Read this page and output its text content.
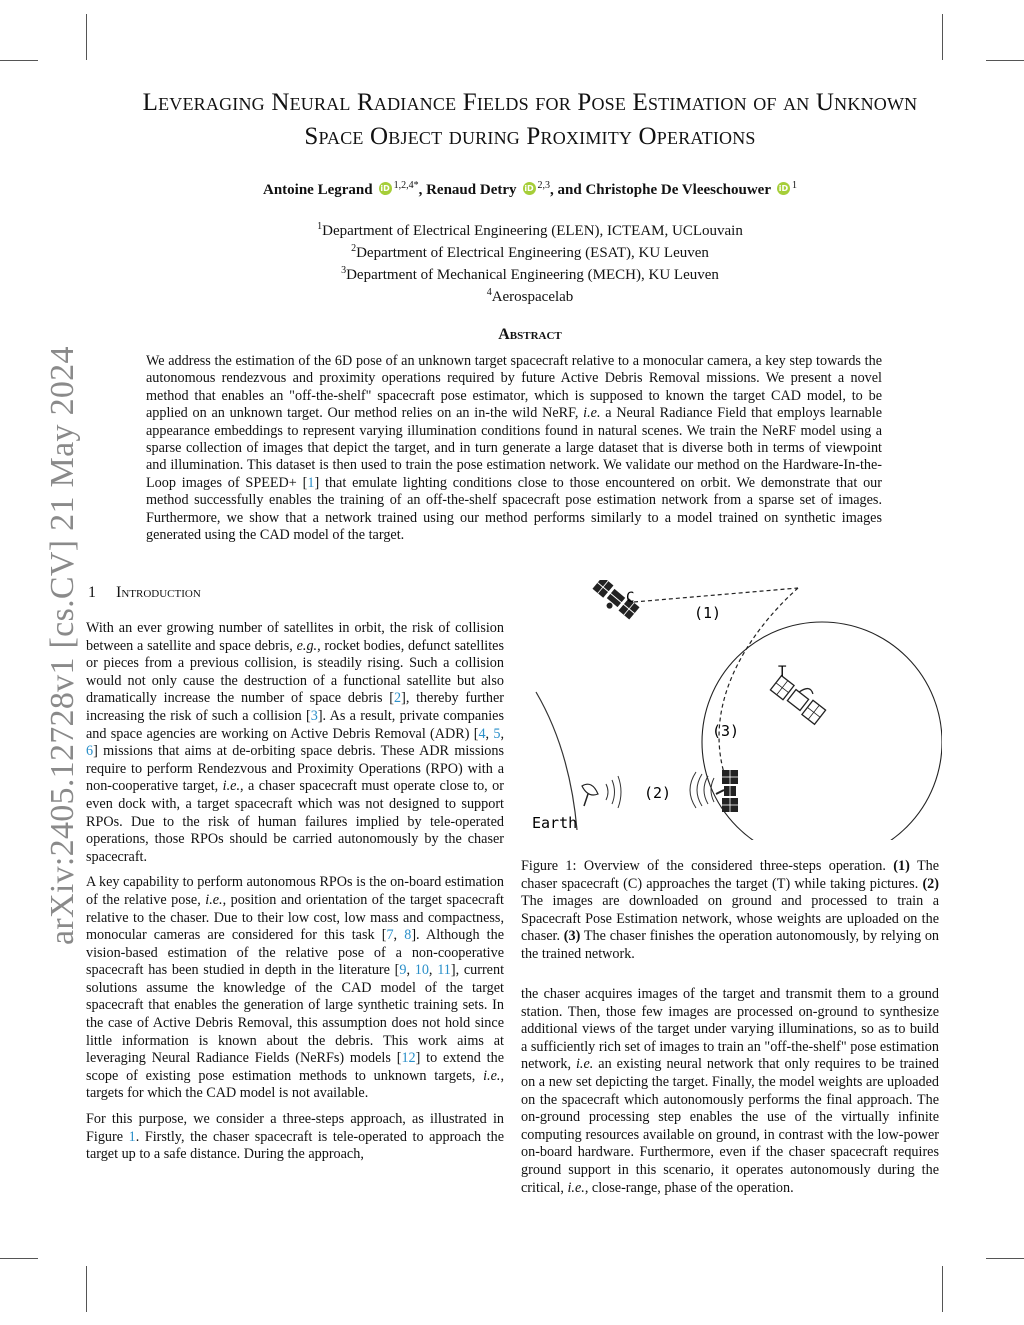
Leveraging Neural Radiance Fields for Pose Estimation of an Unknown
Space Object during Proximity Operations
Antoine Legrand iD $^{1,2,4*}$, Renaud Detry iD $^{2,3}$, and Christophe De Vleeschouwer iD $^1$
$^1$Department of Electrical Engineering (ELEN), ICTEAM, UCLouvain
$^2$Department of Electrical Engineering (ESAT), KU Leuven
$^3$Department of Mechanical Engineering (MECH), KU Leuven
$^4$Aerospacelab
Abstract

We address the estimation of the 6D pose of an unknown target spacecraft relative to a monocular camera, a key step towards the autonomous rendezvous and proximity operations required by future Active Debris Removal missions. We present a novel method that enables an "off-the-shelf" spacecraft pose estimator, which is supposed to known the target CAD model, to be applied on an unknown target. Our method relies on an in-the wild NeRF, i.e. a Neural Radiance Field that employs learnable appearance embeddings to represent varying illumination conditions found in natural scenes. We train the NeRF model using a sparse collection of images that depict the target, and in turn generate a large dataset that is diverse both in terms of viewpoint and illumination. This dataset is then used to train the pose estimation network. We validate our method on the Hardware-In-the-Loop images of SPEED+ [1] that emulate lighting conditions close to those encountered on orbit. We demonstrate that our method successfully enables the training of an off-the-shelf spacecraft pose estimation network from a sparse set of images. Furthermore, we show that a network trained using our method performs similarly to a model trained on synthetic images generated using the CAD model of the target.

arXiv:2405.12728v1 [cs.CV] 21 May 2024 1 Introduction

With an ever growing number of satellites in orbit, the risk of collision between a satellite and space debris, e.g., rocket bodies, defunct satellites or pieces from a previous collision, is steadily rising. Such a collision would not only cause the destruction of a functional satellite but also dramatically increase the number of space debris [2], thereby further increasing the risk of such a collision [3]. As a result, private companies and space agencies are working on Active Debris Removal (ADR) [4, 5, 6] missions that aims at de-orbiting space debris. These ADR missions require to perform Rendezvous and Proximity Operations (RPO) with a non-cooperative target, i.e., a chaser spacecraft must operate close to, or even dock with, a target spacecraft which was not designed to support RPOs. Due to the risk of human failures implied by tele-operated operations, those RPOs should be carried autonomously by the chaser spacecraft.

A key capability to perform autonomous RPOs is the on-board estimation of the relative pose, i.e., position and orientation of the target spacecraft relative to the chaser. Due to their low cost, low mass and compactness, monocular cameras are considered for this task [7, 8]. Although the vision-based estimation of the relative pose of a non-cooperative spacecraft has been studied in depth in the literature [9, 10, 11], current solutions assume the knowledge of the CAD model of the target spacecraft that enables the generation of large synthetic training sets. In the case of Active Debris Removal, this assumption does not hold since little information is known about the debris. This work aims at leveraging Neural Radiance Fields (NeRFs) models [12] to extend the scope of existing pose estimation methods to unknown targets, i.e., targets for which the CAD model is not available.

For this purpose, we consider a three-steps approach, as illustrated in Figure 1. Firstly, the chaser spacecraft is tele-operated to approach the target up to a safe distance. During the approach,

C
(1)
T
(3)
(2)
Earth
Figure 1: Overview of the considered three-steps operation. (1) The chaser spacecraft (C) approaches the target (T) while taking pictures. (2) The images are downloaded on ground and processed to train a Spacecraft Pose Estimation network, whose weights are uploaded on the chaser. (3) The chaser finishes the operation autonomously, by relying on the trained network.

the chaser acquires images of the target and transmit them to a ground station. Then, those few images are processed on-ground to synthesize additional views of the target under varying illuminations, so as to build a sufficiently rich set of images to train an "off-the-shelf" pose estimation network, i.e. an existing neural network that only requires to be trained on a new set depicting the target. Finally, the model weights are uploaded on the spacecraft which autonomously performs the final approach. The on-ground processing step enables the use of the virtually infinite computing resources available on ground, in contrast with the low-power on-board hardware. Furthermore, even if the chaser spacecraft requires ground support in this scenario, it operates autonomously during the critical, i.e., close-range, phase of the operation.
